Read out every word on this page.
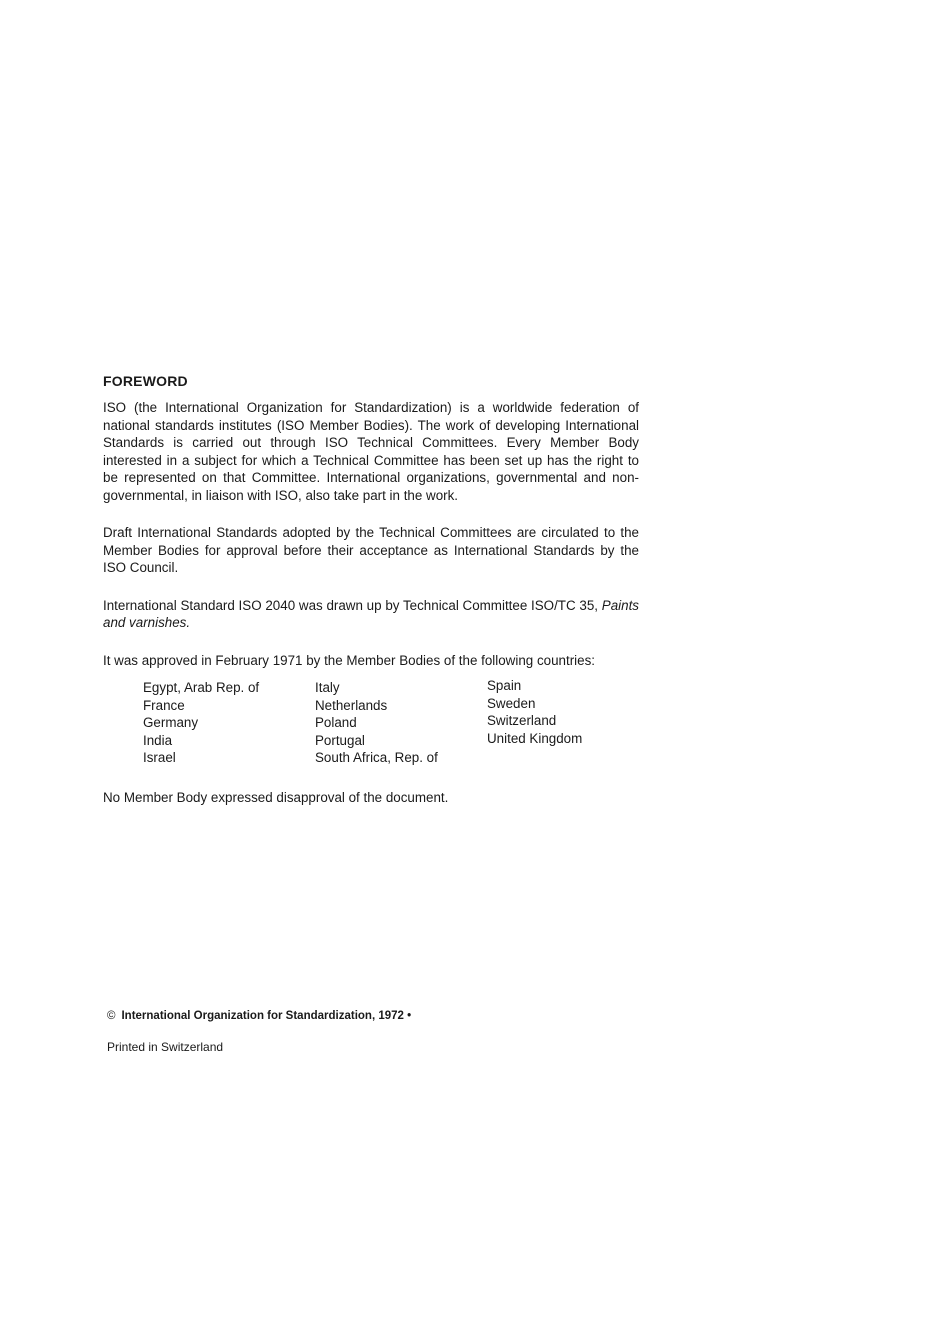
FOREWORD

ISO (the International Organization for Standardization) is a worldwide federation of national standards institutes (ISO Member Bodies). The work of developing International Standards is carried out through ISO Technical Committees. Every Member Body interested in a subject for which a Technical Committee has been set up has the right to be represented on that Committee. International organizations, governmental and non-governmental, in liaison with ISO, also take part in the work.

Draft International Standards adopted by the Technical Committees are circulated to the Member Bodies for approval before their acceptance as International Standards by the ISO Council.

International Standard ISO 2040 was drawn up by Technical Committee ISO/TC 35, Paints and varnishes.

It was approved in February 1971 by the Member Bodies of the following countries:

Egypt, Arab Rep. of
France
Germany
India
Israel
Italy
Netherlands
Poland
Portugal
South Africa, Rep. of
Spain
Sweden
Switzerland
United Kingdom

No Member Body expressed disapproval of the document.

© International Organization for Standardization, 1972 •
Printed in Switzerland
